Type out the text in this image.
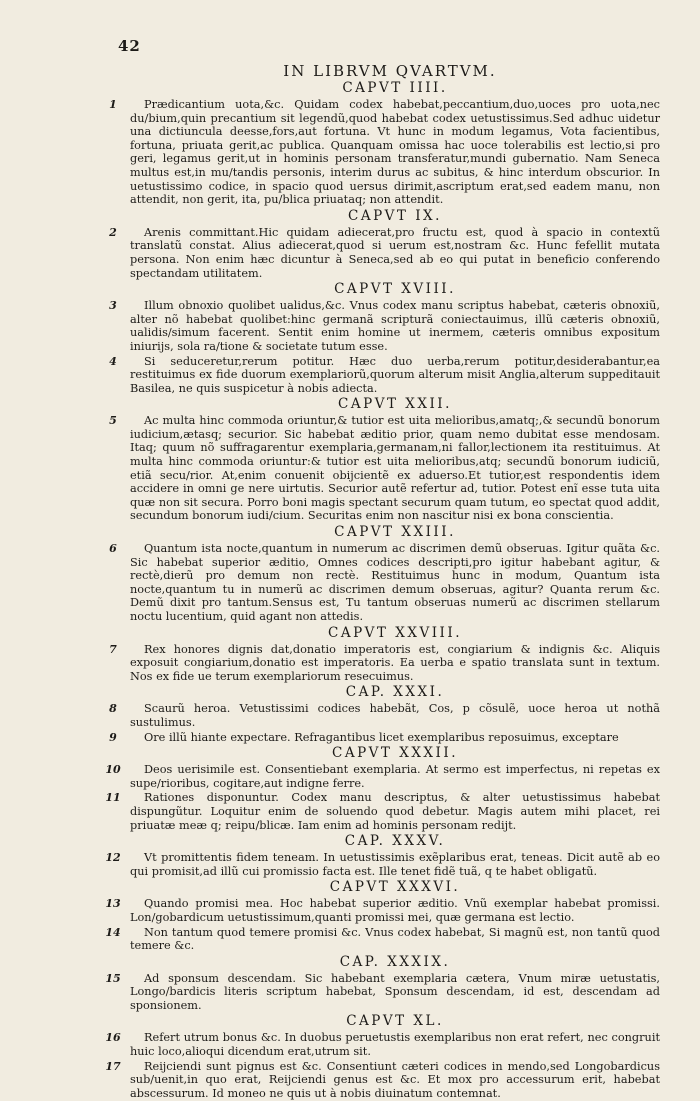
42
IN LIBRVM QVARTVM.
CAPVT IIII.
1	Prædicantium uota,&c. Quidam codex habebat,peccantium,duo,uoces pro uota,nec du/bium,quin precantium sit legendũ,quod habebat codex uetustissimus.Sed adhuc uidetur una dictiuncula deesse,fors,aut fortuna. Vt hunc in modum legamus, Vota facientibus, fortuna, priuata gerit,ac publica. Quanquam omissa hac uoce tolerabilis est lectio,si pro geri, legamus gerit,ut in hominis personam transferatur,mundi gubernatio. Nam Seneca multus est,in mu/tandis personis, interim durus ac subitus, & hinc interdum obscurior. In uetustissimo codice, in spacio quod uersus dirimit,ascriptum erat,sed eadem manu, non attendit, non gerit, ita, pu/blica priuataq; non attendit.

CAPVT IX.
2	Arenis committant.Hic quidam adiecerat,pro fructu est, quod à spacio in contextũ translatũ constat. Alius adiecerat,quod si uerum est,nostram &c. Hunc fefellit mutata persona. Non enim hæc dicuntur à Seneca,sed ab eo qui putat in beneficio conferendo spectandam utilitatem.

CAPVT XVIII.
3	Illum obnoxio quolibet ualidus,&c. Vnus codex manu scriptus habebat, cæteris obnoxiũ, alter nõ habebat quolibet:hinc germanã scripturã coniectauimus, illũ cæteris obnoxiũ, ualidis/simum facerent. Sentit enim homine ut inermem, cæteris omnibus expositum iniurijs, sola ra/tione & societate tutum esse.

4	Si seduceretur,rerum potitur. Hæc duo uerba,rerum potitur,desiderabantur,ea restituimus ex fide duorum exemplariorũ,quorum alterum misit Anglia,alterum suppeditauit Basilea, ne quis suspicetur à nobis adiecta.

CAPVT XXII.
5	Ac multa hinc commoda oriuntur,& tutior est uita melioribus,amatq;,& secundũ bonorum iudicium,ætasq; securior. Sic habebat æditio prior, quam nemo dubitat esse mendosam. Itaq; quum nõ suffragarentur exemplaria,germanam,ni fallor,lectionem ita restituimus. At multa hinc commoda oriuntur:& tutior est uita melioribus,atq; secundũ bonorum iudiciũ, etiã secu/rior. At,enim conuenit obijcientẽ ex aduerso.Et tutior,est respondentis idem accidere in omni ge nere uirtutis. Securior autẽ refertur ad, tutior. Potest enĩ esse tuta uita quæ non sit secura. Porro boni magis spectant securum quam tutum, eo spectat quod addit, secundum bonorum iudi/cium. Securitas enim non nascitur nisi ex bona conscientia.

CAPVT XXIII.
6	Quantum ista nocte,quantum in numerum ac discrimen demũ obseruas. Igitur quãta &c. Sic habebat superior æditio, Omnes codices descripti,pro igitur habebant agitur, & rectè,dierũ pro demum non rectè. Restituimus hunc in modum, Quantum ista nocte,quantum tu in numerũ ac discrimen demum obseruas, agitur? Quanta rerum &c. Demũ dixit pro tantum.Sensus est, Tu tantum obseruas numerũ ac discrimen stellarum noctu lucentium, quid agant non attedis.

CAPVT XXVIII.
7	Rex honores dignis dat,donatio imperatoris est, congiarium & indignis &c. Aliquis exposuit congiarium,donatio est imperatoris. Ea uerba e spatio translata sunt in textum. Nos ex fide ue terum exemplariorum resecuimus.

CAP. XXXI.
8	Scaurũ heroa. Vetustissimi codices habebãt, Cos, p cõsulẽ, uoce heroa ut nothã sustulimus.

9	Ore illũ hiante expectare. Refragantibus licet exemplaribus reposuimus, exceptare

CAPVT XXXII.
10	Deos uerisimile est. Consentiebant exemplaria. At sermo est imperfectus, ni repetas ex supe/rioribus, cogitare,aut indigne ferre.

11	Rationes disponuntur. Codex manu descriptus, & alter uetustissimus habebat dispungũtur. Loquitur enim de soluendo quod debetur. Magis autem mihi placet, rei priuatæ meæ q; reipu/blicæ. Iam enim ad hominis personam redijt.

CAP. XXXV.
12	Vt promittentis fidem teneam. In uetustissimis exẽplaribus erat, teneas. Dicit autẽ ab eo qui promisit,ad illũ cui promissio facta est. Ille tenet fidẽ tuã, q te habet obligatũ.

CAPVT XXXVI.
13	Quando promisi mea. Hoc habebat superior æditio. Vnũ exemplar habebat promissi. Lon/gobardicum uetustissimum,quanti promissi mei, quæ germana est lectio.

14	Non tantum quod temere promisi &c. Vnus codex habebat, Si magnũ est, non tantũ quod temere &c.

CAP. XXXIX.
15	Ad sponsum descendam. Sic habebant exemplaria cætera, Vnum miræ uetustatis, Longo/bardicis literis scriptum habebat, Sponsum descendam, id est, descendam ad sponsionem.

CAPVT XL.
16	Refert utrum bonus &c. In duobus peruetustis exemplaribus non erat refert, nec congruit huic loco,alioqui dicendum erat,utrum sit.

17	Reijciendi sunt pignus est &c. Consentiunt cæteri codices in mendo,sed Longobardicus sub/uenit,in quo erat, Reijciendi genus est &c. Et mox pro accessurum erit, habebat abscessurum. Id moneo ne quis ut à nobis diuinatum contemnat.
